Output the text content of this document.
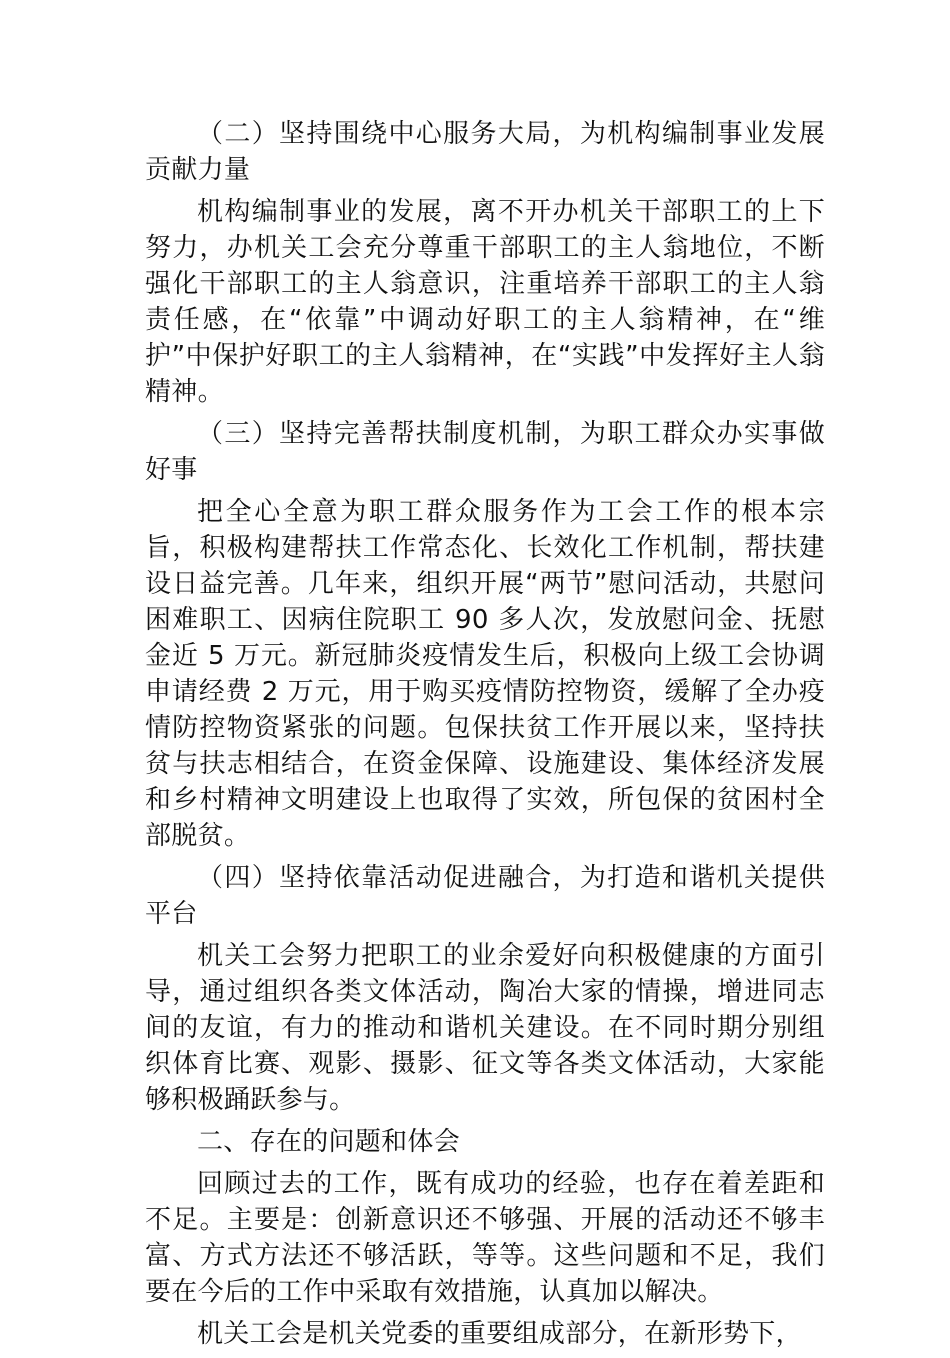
（二）坚持围绕中心服务大局，为机构编制事业发展贡献力量

机构编制事业的发展，离不开办机关干部职工的上下努力，办机关工会充分尊重干部职工的主人翁地位，不断强化干部职工的主人翁意识，注重培养干部职工的主人翁责任感，在“依靠”中调动好职工的主人翁精神，在“维护”中保护好职工的主人翁精神，在“实践”中发挥好主人翁精神。

（三）坚持完善帮扶制度机制，为职工群众办实事做好事

把全心全意为职工群众服务作为工会工作的根本宗旨，积极构建帮扶工作常态化、长效化工作机制，帮扶建设日益完善。几年来，组织开展“两节”慰问活动，共慰问困难职工、因病住院职工 90 多人次，发放慰问金、抚慰金近 5 万元。新冠肺炎疫情发生后，积极向上级工会协调申请经费 2 万元，用于购买疫情防控物资，缓解了全办疫情防控物资紧张的问题。包保扶贫工作开展以来，坚持扶贫与扶志相结合，在资金保障、设施建设、集体经济发展和乡村精神文明建设上也取得了实效，所包保的贫困村全部脱贫。

（四）坚持依靠活动促进融合，为打造和谐机关提供平台

机关工会努力把职工的业余爱好向积极健康的方面引导，通过组织各类文体活动，陶冶大家的情操，增进同志间的友谊，有力的推动和谐机关建设。在不同时期分别组织体育比赛、观影、摄影、征文等各类文体活动，大家能够积极踊跃参与。

二、存在的问题和体会

回顾过去的工作，既有成功的经验，也存在着差距和不足。主要是：创新意识还不够强、开展的活动还不够丰富、方式方法还不够活跃，等等。这些问题和不足，我们要在今后的工作中采取有效措施，认真加以解决。

机关工会是机关党委的重要组成部分，在新形势下，
